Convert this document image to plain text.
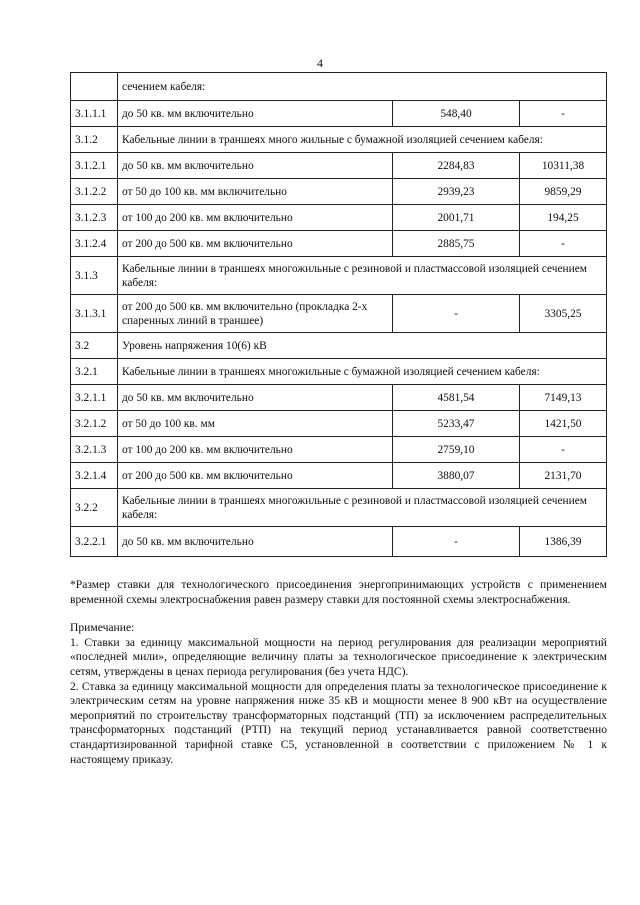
4
	сечением кабеля:		
3.1.1.1	до 50 кв. мм включительно	548,40	-
3.1.2	Кабельные линии в траншеях много жильные с бумажной изоляцией сечением кабеля:		
3.1.2.1	до 50 кв. мм включительно	2284,83	10311,38
3.1.2.2	от 50 до 100 кв. мм включительно	2939,23	9859,29
3.1.2.3	от 100 до 200 кв. мм включительно	2001,71	194,25
3.1.2.4	от 200 до 500 кв. мм включительно	2885,75	-
3.1.3	Кабельные линии в траншеях многожильные с резиновой и пластмассовой изоляцией сечением кабеля:		
3.1.3.1	от 200 до 500 кв. мм включительно (прокладка 2-х спаренных линий в траншее)	-	3305,25
3.2	Уровень напряжения 10(6) кВ		
3.2.1	Кабельные линии в траншеях многожильные с бумажной изоляцией сечением кабеля:		
3.2.1.1	до 50 кв. мм включительно	4581,54	7149,13
3.2.1.2	от 50 до 100 кв. мм	5233,47	1421,50
3.2.1.3	от 100 до 200 кв. мм включительно	2759,10	-
3.2.1.4	от 200 до 500 кв. мм включительно	3880,07	2131,70
3.2.2	Кабельные линии в траншеях многожильные с резиновой и пластмассовой изоляцией сечением кабеля:		
3.2.2.1	до 50 кв. мм включительно	-	1386,39

*Размер ставки для технологического присоединения энергопринимающих устройств с применением временной схемы электроснабжения равен размеру ставки для постоянной схемы электроснабжения.

Примечание:

1. Ставки за единицу максимальной мощности на период регулирования для реализации мероприятий «последней мили», определяющие величину платы за технологическое присоединение к электрическим сетям, утверждены в ценах периода регулирования (без учета НДС).

2. Ставка за единицу максимальной мощности для определения платы за технологическое присоединение к электрическим сетям на уровне напряжения ниже 35 кВ и мощности менее 8 900 кВт на осуществление мероприятий по строительству трансформаторных подстанций (ТП) за исключением распределительных трансформаторных подстанций (РТП) на текущий период устанавливается равной соответственно стандартизированной тарифной ставке С5, установленной в соответствии с приложением № 1 к настоящему приказу.
